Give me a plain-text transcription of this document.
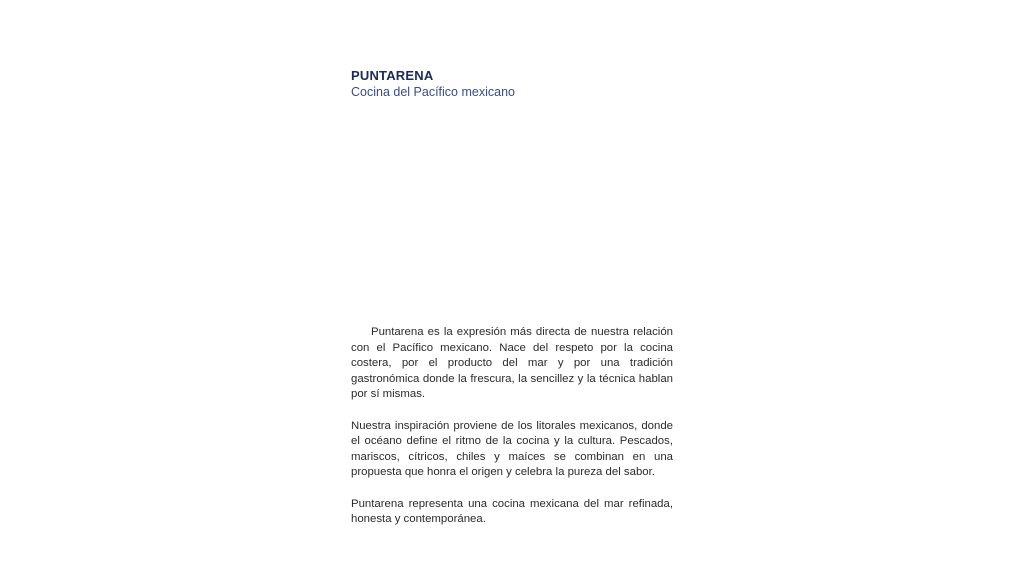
PUNTARENA

Cocina del Pacífico mexicano

Puntarena es la expresión más directa de nuestra relación con el Pacífico mexicano. Nace del respeto por la cocina costera, por el producto del mar y por una tradición gastronómica donde la frescura, la sencillez y la técnica hablan por sí mismas.

Nuestra inspiración proviene de los litorales mexicanos, donde el océano define el ritmo de la cocina y la cultura. Pescados, mariscos, cítricos, chiles y maíces se combinan en una propuesta que honra el origen y celebra la pureza del sabor.

Puntarena representa una cocina mexicana del mar refinada, honesta y contemporánea.
